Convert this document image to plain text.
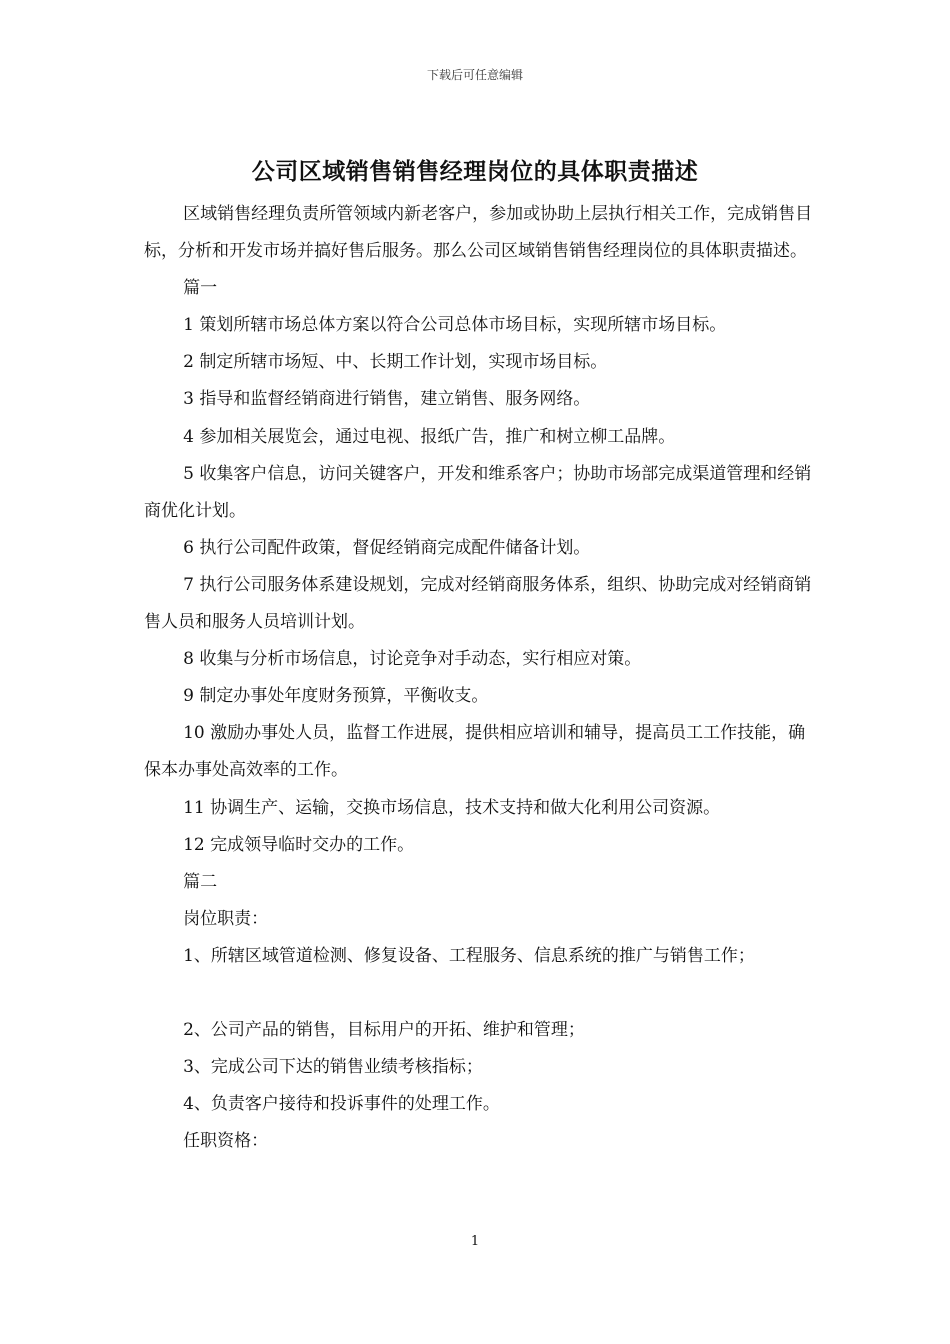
下载后可任意编辑
公司区域销售销售经理岗位的具体职责描述

区域销售经理负责所管领域内新老客户，参加或协助上层执行相关工作，完成销售目标，分析和开发市场并搞好售后服务。那么公司区域销售销售经理岗位的具体职责描述。

篇一

1 策划所辖市场总体方案以符合公司总体市场目标，实现所辖市场目标。

2 制定所辖市场短、中、长期工作计划，实现市场目标。

3 指导和监督经销商进行销售，建立销售、服务网络。

4 参加相关展览会，通过电视、报纸广告，推广和树立柳工品牌。

5 收集客户信息，访问关键客户，开发和维系客户；协助市场部完成渠道管理和经销商优化计划。

6 执行公司配件政策，督促经销商完成配件储备计划。

7 执行公司服务体系建设规划，完成对经销商服务体系，组织、协助完成对经销商销售人员和服务人员培训计划。

8 收集与分析市场信息，讨论竞争对手动态，实行相应对策。

9 制定办事处年度财务预算，平衡收支。

10 激励办事处人员，监督工作进展，提供相应培训和辅导，提高员工工作技能，确保本办事处高效率的工作。

11 协调生产、运输，交换市场信息，技术支持和做大化利用公司资源。

12 完成领导临时交办的工作。

篇二

岗位职责：

1、所辖区域管道检测、修复设备、工程服务、信息系统的推广与销售工作；

2、公司产品的销售，目标用户的开拓、维护和管理；

3、完成公司下达的销售业绩考核指标；

4、负责客户接待和投诉事件的处理工作。

任职资格：

1
